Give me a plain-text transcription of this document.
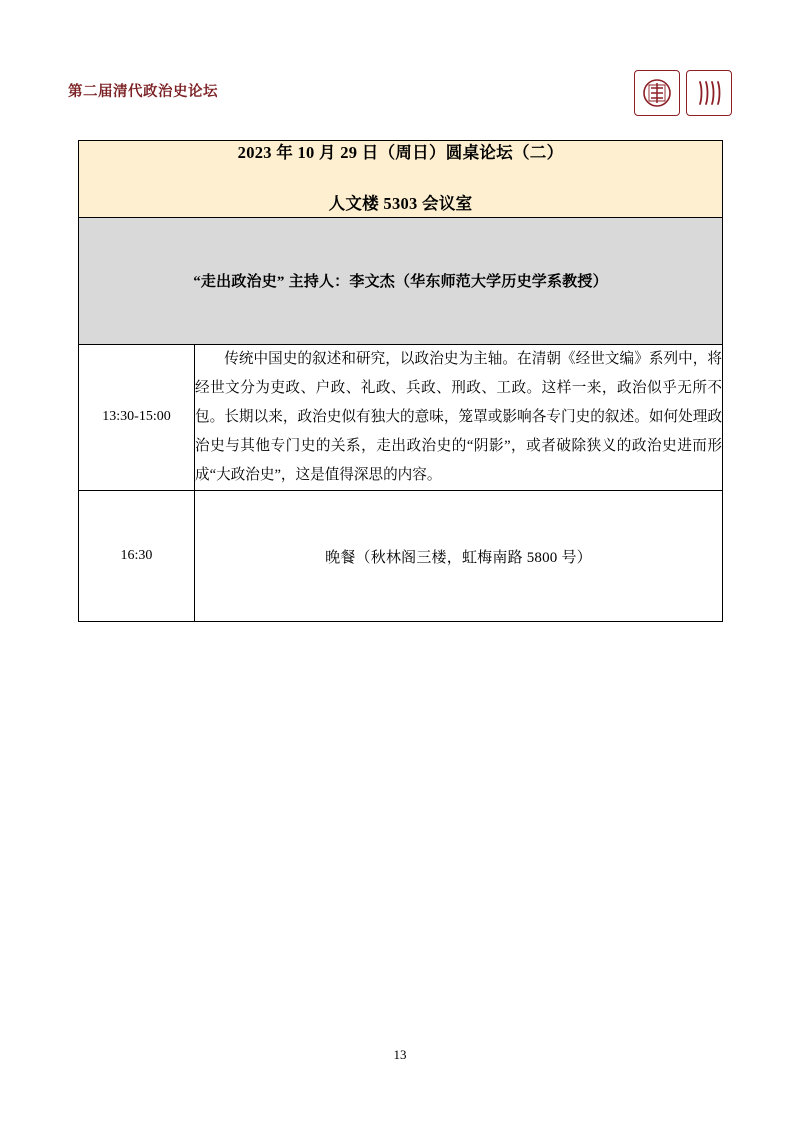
第二届清代政治史论坛
2023 年 10 月 29 日（周日）圆桌论坛（二）
人文楼 5303 会议室	

“走出政治史” 主持人：李文杰（华东师范大学历史学系教授）	
13:30-15:00	传统中国史的叙述和研究，以政治史为主轴。在清朝《经世文编》系列中，将经世文分为吏政、户政、礼政、兵政、刑政、工政。这样一来，政治似乎无所不包。长期以来，政治史似有独大的意味，笼罩或影响各专门史的叙述。如何处理政治史与其他专门史的关系，走出政治史的“阴影”，或者破除狭义的政治史进而形成“大政治史”，这是值得深思的内容。

16:30	晚餐（秋林阁三楼，虹梅南路 5800 号）
13
